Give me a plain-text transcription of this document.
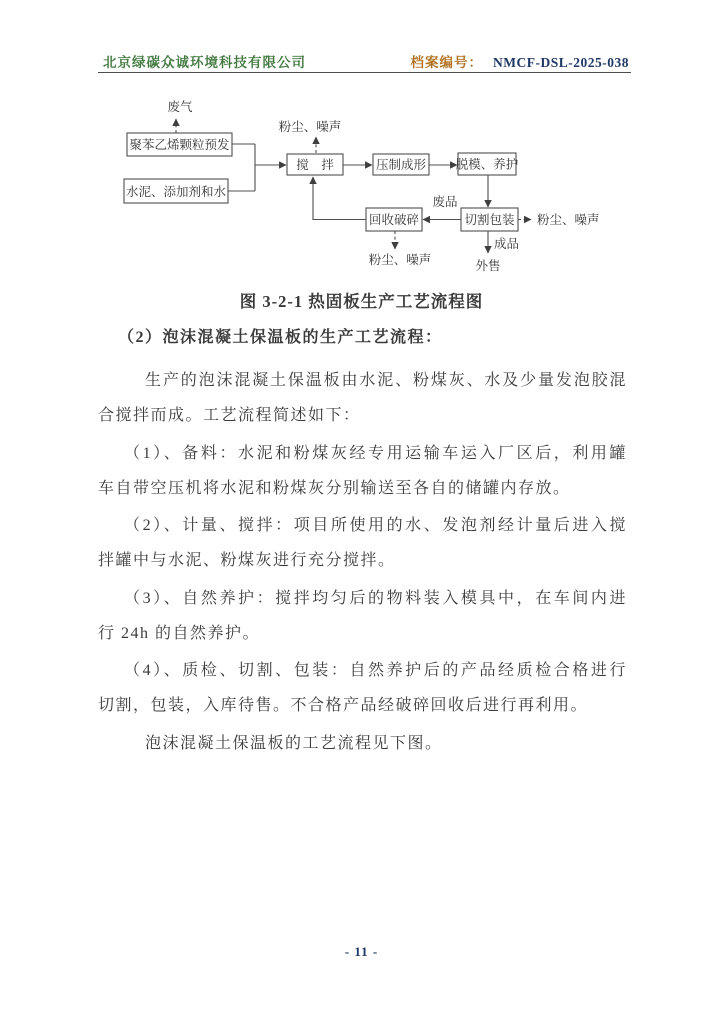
北京绿碳众诚环境科技有限公司	档案编号： NMCF-DSL-2025-038
聚苯乙烯颗粒预发
水泥、添加剂和水
搅　拌	压制成形 脱模、养护
回收破碎	切割包装
废气
粉尘、噪声
废品
粉尘、噪声
成品
外售
粉尘、噪声
图 3-2-1 热固板生产工艺流程图
（2）泡沫混凝土保温板的生产工艺流程：

生产的泡沫混凝土保温板由水泥、粉煤灰、水及少量发泡胶混
合搅拌而成。工艺流程简述如下：

（1）、备料：水泥和粉煤灰经专用运输车运入厂区后，利用罐
车自带空压机将水泥和粉煤灰分别输送至各自的储罐内存放。

（2）、计量、搅拌：项目所使用的水、发泡剂经计量后进入搅
拌罐中与水泥、粉煤灰进行充分搅拌。

（3）、自然养护：搅拌均匀后的物料装入模具中，在车间内进
行 24h 的自然养护。

（4）、质检、切割、包装：自然养护后的产品经质检合格进行
切割，包装，入库待售。不合格产品经破碎回收后进行再利用。

泡沫混凝土保温板的工艺流程见下图。

- 11 -
